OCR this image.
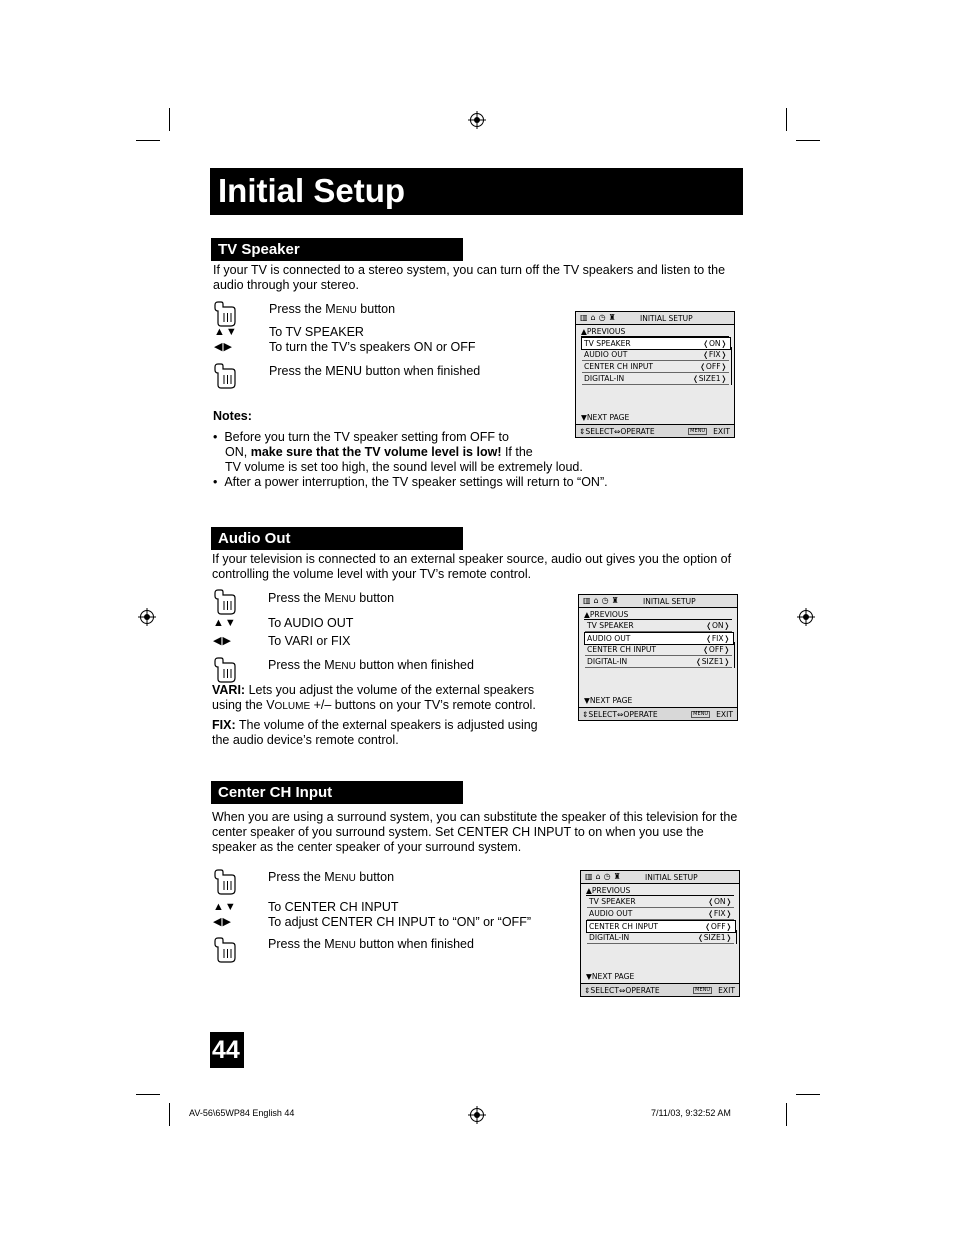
Initial Setup
TV Speaker
If your TV is connected to a stereo system, you can turn off the TV speakers and listen to the audio through your stereo.
Press the MENU button
▲▼ To TV SPEAKER
◀▶	To turn the TV’s speakers ON or OFF
Press the MENU button when finished
Notes:
•  Before you turn the TV speaker setting from OFF to
ON, make sure that the TV volume level is low! If the
TV volume is set too high, the sound level will be extremely loud.
•  After a power interruption, the TV speaker settings will return to “ON”.
▥⌂◷♜	INITIAL SETUP
▲PREVIOUS
TV SPEAKER	❬ON❭
AUDIO OUT	❬FIX❭
CENTER CH INPUT	❬OFF❭
DIGITAL-IN	❬SIZE1❭
▼NEXT PAGE
⇕SELECT⇔OPERATE	MENU EXIT
Audio Out
If your television is connected to an external speaker source, audio out gives you the option of controlling the volume level with your TV’s remote control.
Press the MENU button
▲▼ To AUDIO OUT
◀▶	To VARI or FIX
Press the MENU button when finished
VARI: Lets you adjust the volume of the external speakers using the VOLUME +/– buttons on your TV’s remote control.
FIX: The volume of the external speakers is adjusted using the audio device’s remote control.
▥⌂◷♜	INITIAL SETUP
▲PREVIOUS
TV SPEAKER	❬ON❭
AUDIO OUT	❬FIX❭
CENTER CH INPUT	❬OFF❭
DIGITAL-IN	❬SIZE1❭
▼NEXT PAGE
⇕SELECT⇔OPERATE	MENU EXIT
Center CH Input
When you are using a surround system, you can substitute the speaker of this television for the center speaker of you surround system. Set CENTER CH INPUT to on when you use the speaker as the center speaker of your surround system.
Press the MENU button
▲▼ To CENTER CH INPUT
◀▶	To adjust CENTER CH INPUT to “ON” or “OFF”
Press the MENU button when finished
▥⌂◷♜	INITIAL SETUP
▲PREVIOUS
TV SPEAKER	❬ON❭
AUDIO OUT	❬FIX❭
CENTER CH INPUT	❬OFF❭
DIGITAL-IN	❬SIZE1❭
▼NEXT PAGE
⇕SELECT⇔OPERATE	MENU EXIT
44
AV-56\65WP84 English 44	7/11/03, 9:32:52 AM
